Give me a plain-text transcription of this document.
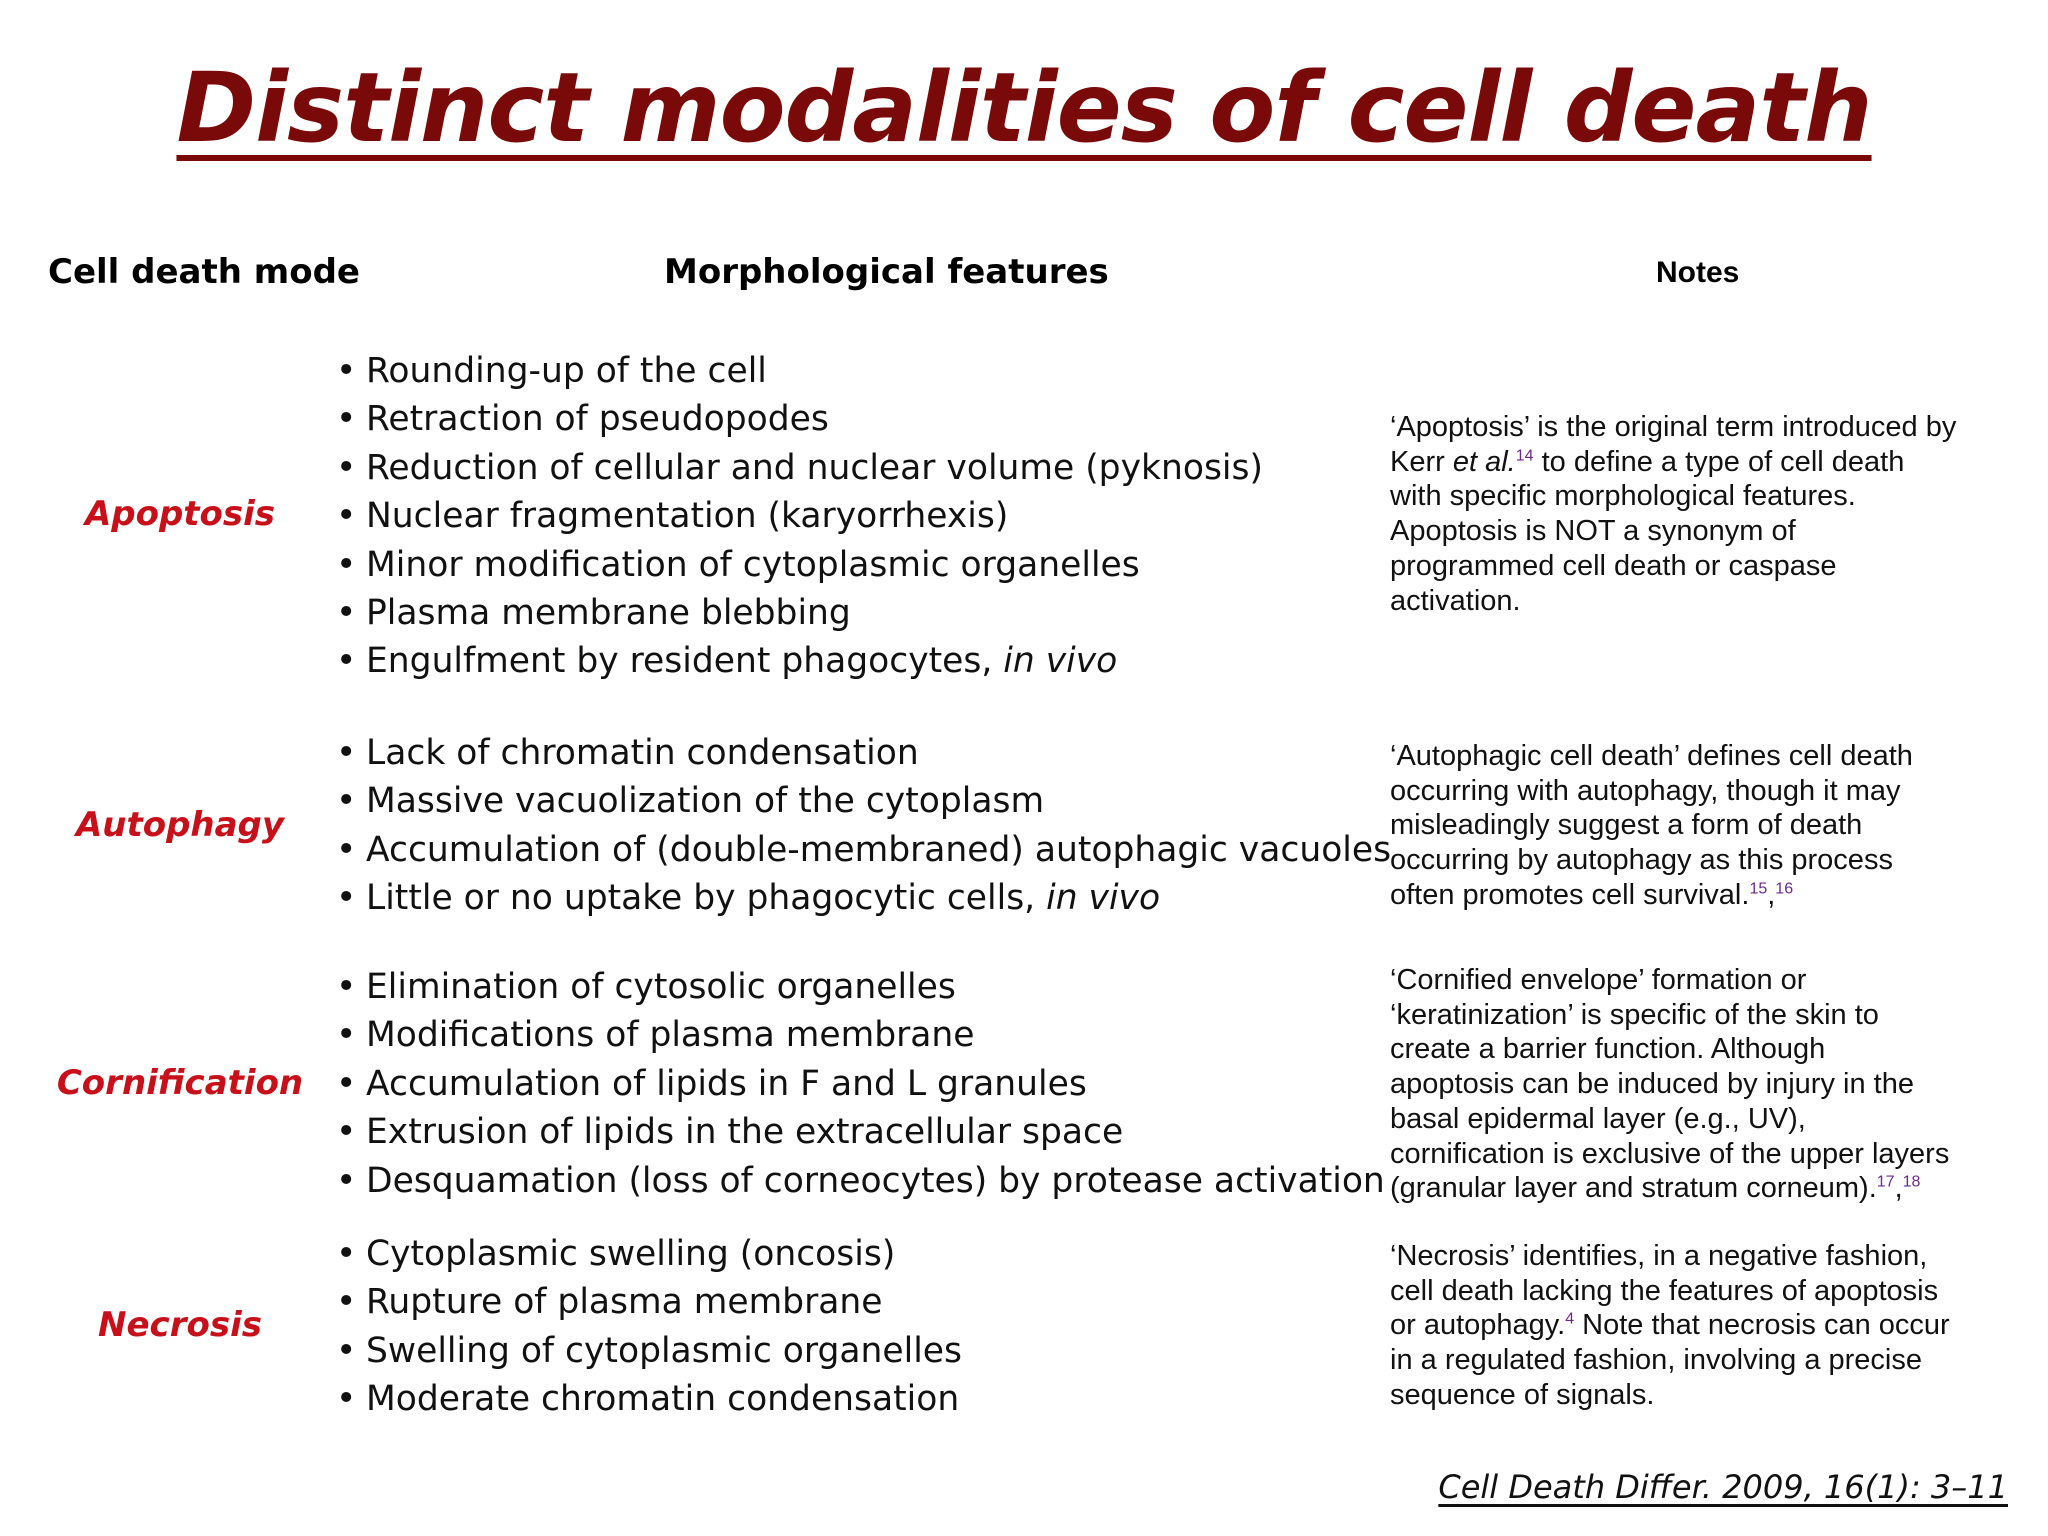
Distinct modalities of cell death
Cell death mode	Morphological features	Notes
Apoptosis
• Rounding-up of the cell
• Retraction of pseudopodes
• Reduction of cellular and nuclear volume (pyknosis)
• Nuclear fragmentation (karyorrhexis)
• Minor modification of cytoplasmic organelles
• Plasma membrane blebbing
• Engulfment by resident phagocytes, in vivo

‘Apoptosis’ is the original term introduced by

Kerr et al.$^{14}$ to define a type of cell death

with specific morphological features.

Apoptosis is NOT a synonym of

programmed cell death or caspase

activation.

Autophagy
• Lack of chromatin condensation
• Massive vacuolization of the cytoplasm
• Accumulation of (double-membraned) autophagic vacuoles
• Little or no uptake by phagocytic cells, in vivo

‘Autophagic cell death’ defines cell death

occurring with autophagy, though it may

misleadingly suggest a form of death

occurring by autophagy as this process

often promotes cell survival.$^{15}$,$^{16}$

Cornification
• Elimination of cytosolic organelles
• Modifications of plasma membrane
• Accumulation of lipids in F and L granules
• Extrusion of lipids in the extracellular space
• Desquamation (loss of corneocytes) by protease activation

‘Cornified envelope’ formation or

‘keratinization’ is specific of the skin to

create a barrier function. Although

apoptosis can be induced by injury in the

basal epidermal layer (e.g., UV),

cornification is exclusive of the upper layers

(granular layer and stratum corneum).$^{17}$,$^{18}$

Necrosis
• Cytoplasmic swelling (oncosis)
• Rupture of plasma membrane
• Swelling of cytoplasmic organelles
• Moderate chromatin condensation

‘Necrosis’ identifies, in a negative fashion,

cell death lacking the features of apoptosis

or autophagy.$^4$ Note that necrosis can occur

in a regulated fashion, involving a precise

sequence of signals.

Cell Death Differ. 2009, 16(1): 3–11
